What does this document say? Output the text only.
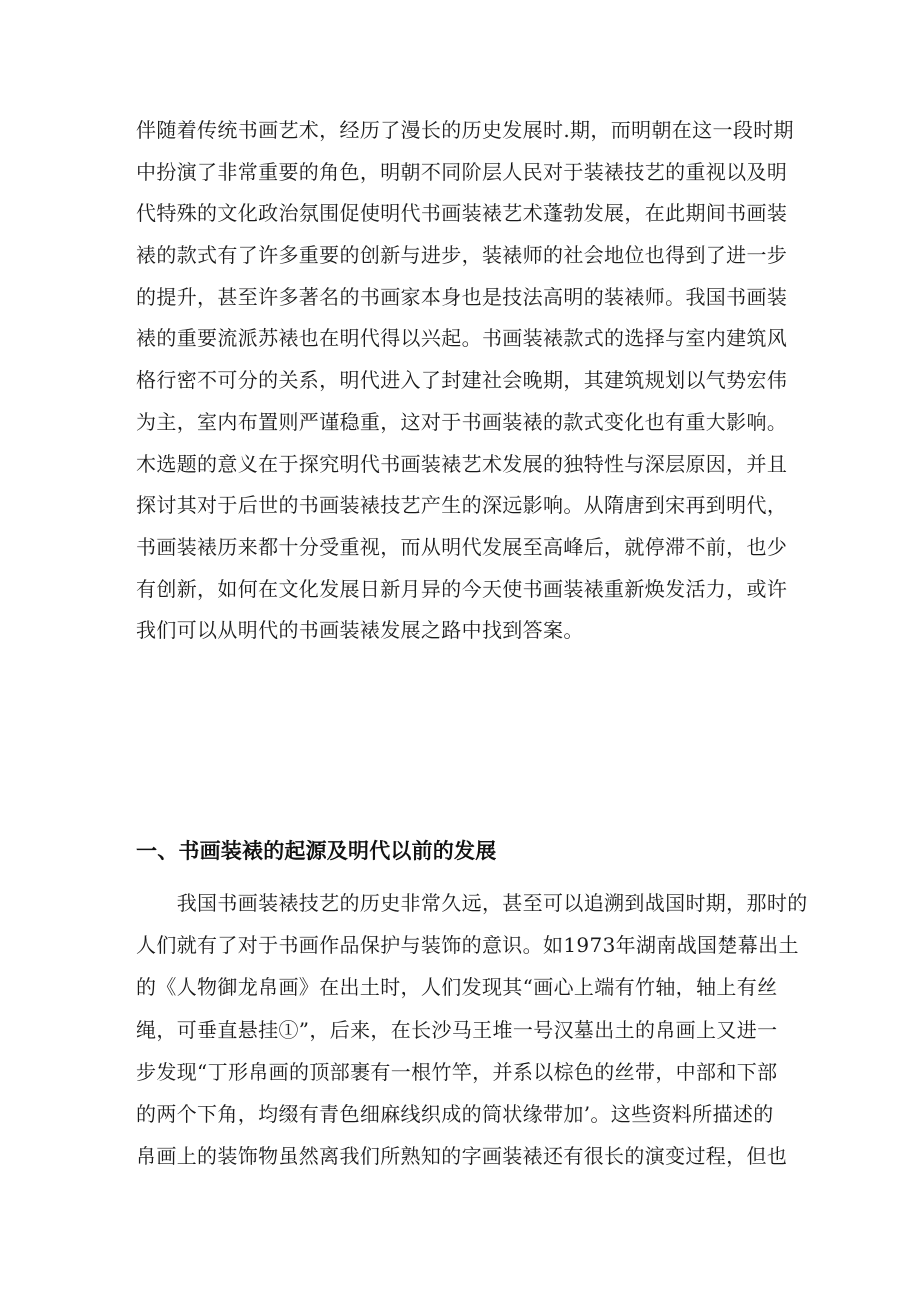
伴随着传统书画艺术，经历了漫长的历史发展时.期，而明朝在这一段时期
中扮演了非常重要的角色，明朝不同阶层人民对于装裱技艺的重视以及明
代特殊的文化政治氛围促使明代书画装裱艺术蓬勃发展，在此期间书画装
裱的款式有了许多重要的创新与进步，装裱师的社会地位也得到了进一步
的提升，甚至许多著名的书画家本身也是技法高明的装裱师。我国书画装
裱的重要流派苏裱也在明代得以兴起。书画装裱款式的选择与室内建筑风
格行密不可分的关系，明代进入了封建社会晚期，其建筑规划以气势宏伟
为主，室内布置则严谨稳重，这对于书画装裱的款式变化也有重大影响。
木选题的意义在于探究明代书画装裱艺术发展的独特性与深层原因，并且
探讨其对于后世的书画装裱技艺产生的深远影响。从隋唐到宋再到明代，
书画装裱历来都十分受重视，而从明代发展至高峰后，就停滞不前，也少
有创新，如何在文化发展日新月异的今天使书画装裱重新焕发活力，或许
我们可以从明代的书画装裱发展之路中找到答案。
一、书画装裱的起源及明代以前的发展
　　我国书画装裱技艺的历史非常久远，甚至可以追溯到战国时期，那时的
人们就有了对于书画作品保护与装饰的意识。如1973年湖南战国楚幕出土
的《人物御龙帛画》在出土时，人们发现其“画心上端有竹轴，轴上有丝
绳，可垂直悬挂①”，后来，在长沙马王堆一号汉墓出土的帛画上又进一
步发现“丁形帛画的顶部裹有一根竹竿，并系以棕色的丝带，中部和下部
的两个下角，均缀有青色细麻线织成的筒状缘带加’。这些资料所描述的
帛画上的装饰物虽然离我们所熟知的字画装裱还有很长的演变过程，但也
